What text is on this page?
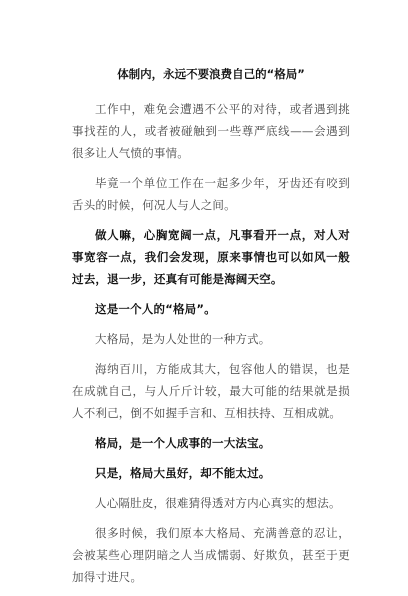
体制内，永远不要浪费自己的“格局”

工作中，难免会遭遇不公平的对待，或者遇到挑事找茬的人，或者被碰触到一些尊严底线——会遇到很多让人气愤的事情。

毕竟一个单位工作在一起多少年，牙齿还有咬到舌头的时候，何况人与人之间。

做人嘛，心胸宽阔一点，凡事看开一点，对人对事宽容一点，我们会发现，原来事情也可以如风一般过去，退一步，还真有可能是海阔天空。

这是一个人的“格局”。

大格局，是为人处世的一种方式。

海纳百川，方能成其大，包容他人的错误，也是在成就自己，与人斤斤计较，最大可能的结果就是损人不利己，倒不如握手言和、互相扶持、互相成就。

格局，是一个人成事的一大法宝。

只是，格局大虽好，却不能太过。

人心隔肚皮，很难猜得透对方内心真实的想法。

很多时候，我们原本大格局、充满善意的忍让，会被某些心理阴暗之人当成懦弱、好欺负，甚至于更加得寸进尺。
